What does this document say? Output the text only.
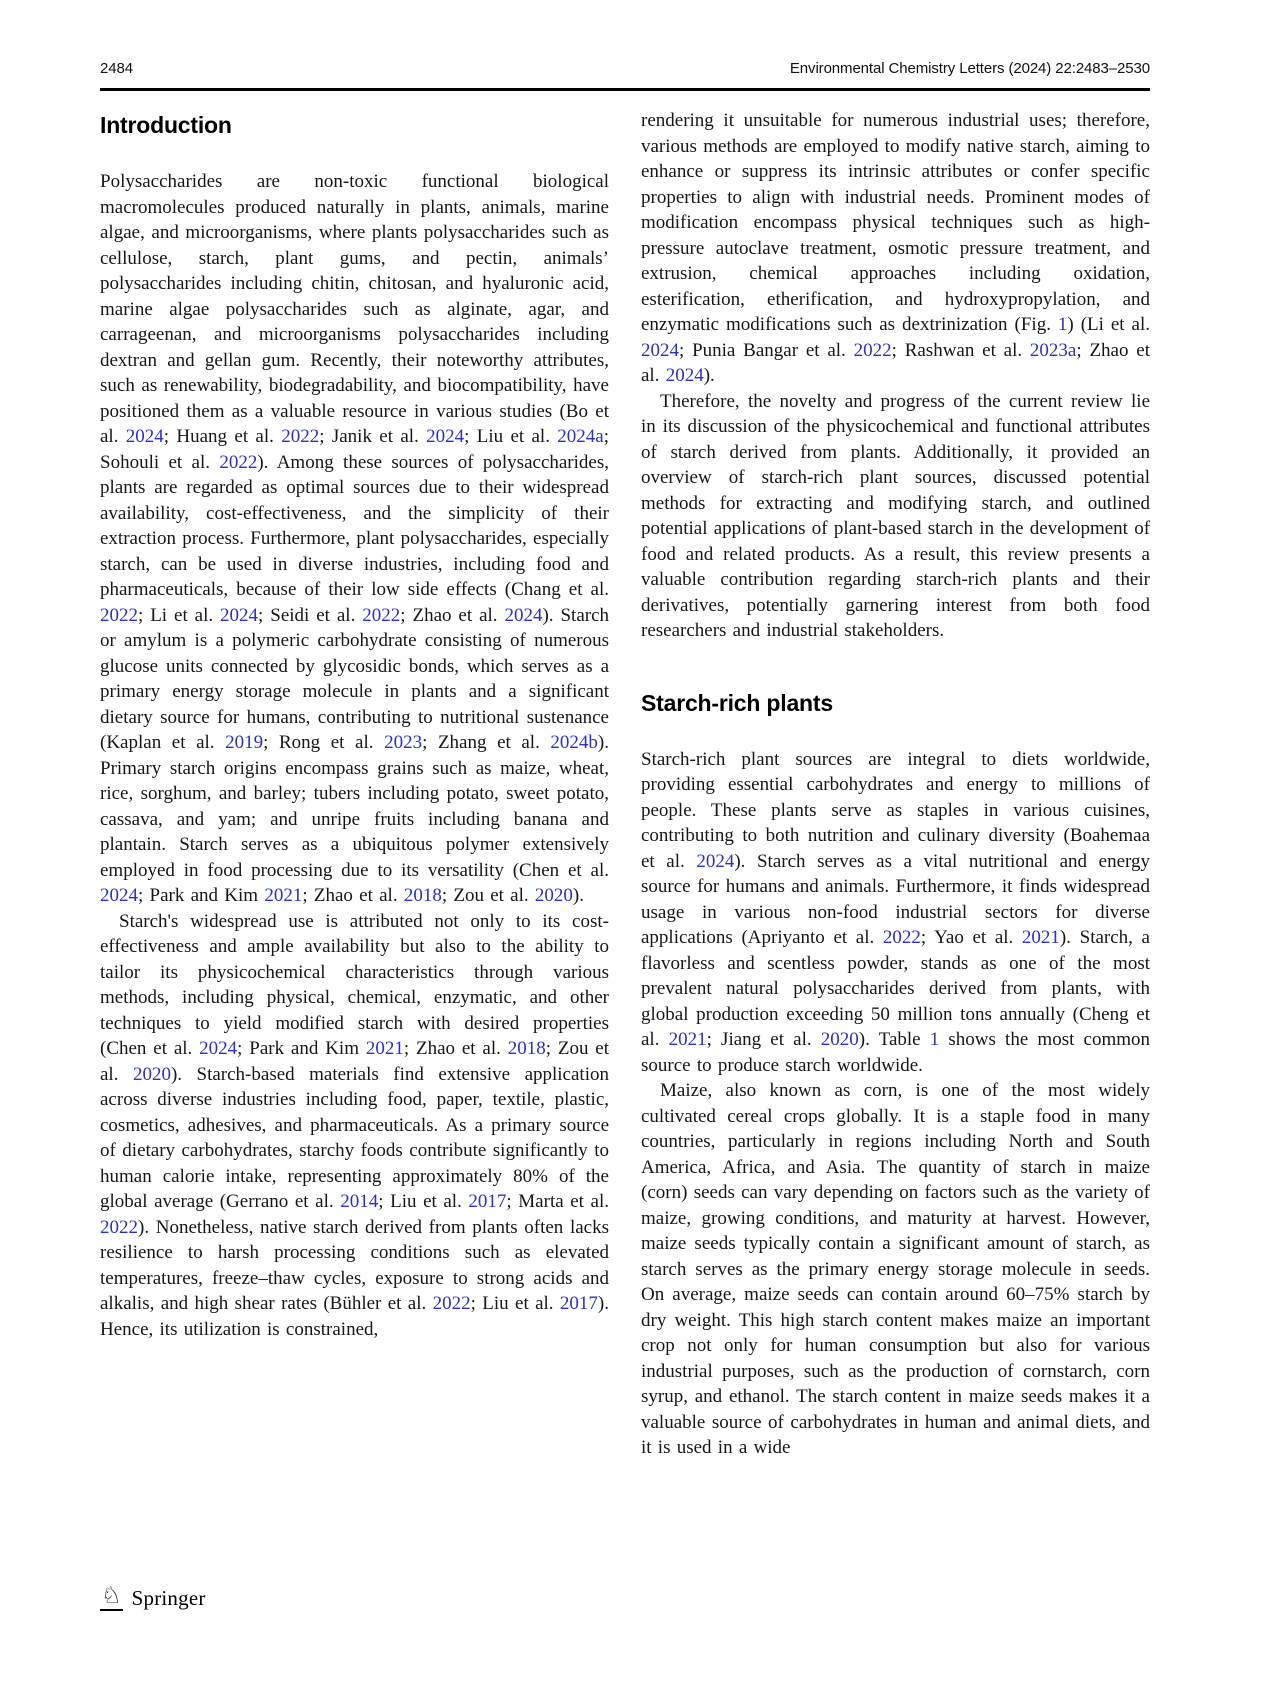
2484	Environmental Chemistry Letters (2024) 22:2483–2530
Introduction

Polysaccharides are non-toxic functional biological macromolecules produced naturally in plants, animals, marine algae, and microorganisms, where plants polysaccharides such as cellulose, starch, plant gums, and pectin, animals’ polysaccharides including chitin, chitosan, and hyaluronic acid, marine algae polysaccharides such as alginate, agar, and carrageenan, and microorganisms polysaccharides including dextran and gellan gum. Recently, their noteworthy attributes, such as renewability, biodegradability, and biocompatibility, have positioned them as a valuable resource in various studies (Bo et al. 2024; Huang et al. 2022; Janik et al. 2024; Liu et al. 2024a; Sohouli et al. 2022). Among these sources of polysaccharides, plants are regarded as optimal sources due to their widespread availability, cost-effectiveness, and the simplicity of their extraction process. Furthermore, plant polysaccharides, especially starch, can be used in diverse industries, including food and pharmaceuticals, because of their low side effects (Chang et al. 2022; Li et al. 2024; Seidi et al. 2022; Zhao et al. 2024). Starch or amylum is a polymeric carbohydrate consisting of numerous glucose units connected by glycosidic bonds, which serves as a primary energy storage molecule in plants and a significant dietary source for humans, contributing to nutritional sustenance (Kaplan et al. 2019; Rong et al. 2023; Zhang et al. 2024b). Primary starch origins encompass grains such as maize, wheat, rice, sorghum, and barley; tubers including potato, sweet potato, cassava, and yam; and unripe fruits including banana and plantain. Starch serves as a ubiquitous polymer extensively employed in food processing due to its versatility (Chen et al. 2024; Park and Kim 2021; Zhao et al. 2018; Zou et al. 2020).

Starch's widespread use is attributed not only to its cost-effectiveness and ample availability but also to the ability to tailor its physicochemical characteristics through various methods, including physical, chemical, enzymatic, and other techniques to yield modified starch with desired properties (Chen et al. 2024; Park and Kim 2021; Zhao et al. 2018; Zou et al. 2020). Starch-based materials find extensive application across diverse industries including food, paper, textile, plastic, cosmetics, adhesives, and pharmaceuticals. As a primary source of dietary carbohydrates, starchy foods contribute significantly to human calorie intake, representing approximately 80% of the global average (Gerrano et al. 2014; Liu et al. 2017; Marta et al. 2022). Nonetheless, native starch derived from plants often lacks resilience to harsh processing conditions such as elevated temperatures, freeze–thaw cycles, exposure to strong acids and alkalis, and high shear rates (Bühler et al. 2022; Liu et al. 2017). Hence, its utilization is constrained,

rendering it unsuitable for numerous industrial uses; therefore, various methods are employed to modify native starch, aiming to enhance or suppress its intrinsic attributes or confer specific properties to align with industrial needs. Prominent modes of modification encompass physical techniques such as high-pressure autoclave treatment, osmotic pressure treatment, and extrusion, chemical approaches including oxidation, esterification, etherification, and hydroxypropylation, and enzymatic modifications such as dextrinization (Fig. 1) (Li et al. 2024; Punia Bangar et al. 2022; Rashwan et al. 2023a; Zhao et al. 2024).

Therefore, the novelty and progress of the current review lie in its discussion of the physicochemical and functional attributes of starch derived from plants. Additionally, it provided an overview of starch-rich plant sources, discussed potential methods for extracting and modifying starch, and outlined potential applications of plant-based starch in the development of food and related products. As a result, this review presents a valuable contribution regarding starch-rich plants and their derivatives, potentially garnering interest from both food researchers and industrial stakeholders.

Starch-rich plants

Starch-rich plant sources are integral to diets worldwide, providing essential carbohydrates and energy to millions of people. These plants serve as staples in various cuisines, contributing to both nutrition and culinary diversity (Boahemaa et al. 2024). Starch serves as a vital nutritional and energy source for humans and animals. Furthermore, it finds widespread usage in various non-food industrial sectors for diverse applications (Apriyanto et al. 2022; Yao et al. 2021). Starch, a flavorless and scentless powder, stands as one of the most prevalent natural polysaccharides derived from plants, with global production exceeding 50 million tons annually (Cheng et al. 2021; Jiang et al. 2020). Table 1 shows the most common source to produce starch worldwide.

Maize, also known as corn, is one of the most widely cultivated cereal crops globally. It is a staple food in many countries, particularly in regions including North and South America, Africa, and Asia. The quantity of starch in maize (corn) seeds can vary depending on factors such as the variety of maize, growing conditions, and maturity at harvest. However, maize seeds typically contain a significant amount of starch, as starch serves as the primary energy storage molecule in seeds. On average, maize seeds can contain around 60–75% starch by dry weight. This high starch content makes maize an important crop not only for human consumption but also for various industrial purposes, such as the production of cornstarch, corn syrup, and ethanol. The starch content in maize seeds makes it a valuable source of carbohydrates in human and animal diets, and it is used in a wide

♘ Springer
